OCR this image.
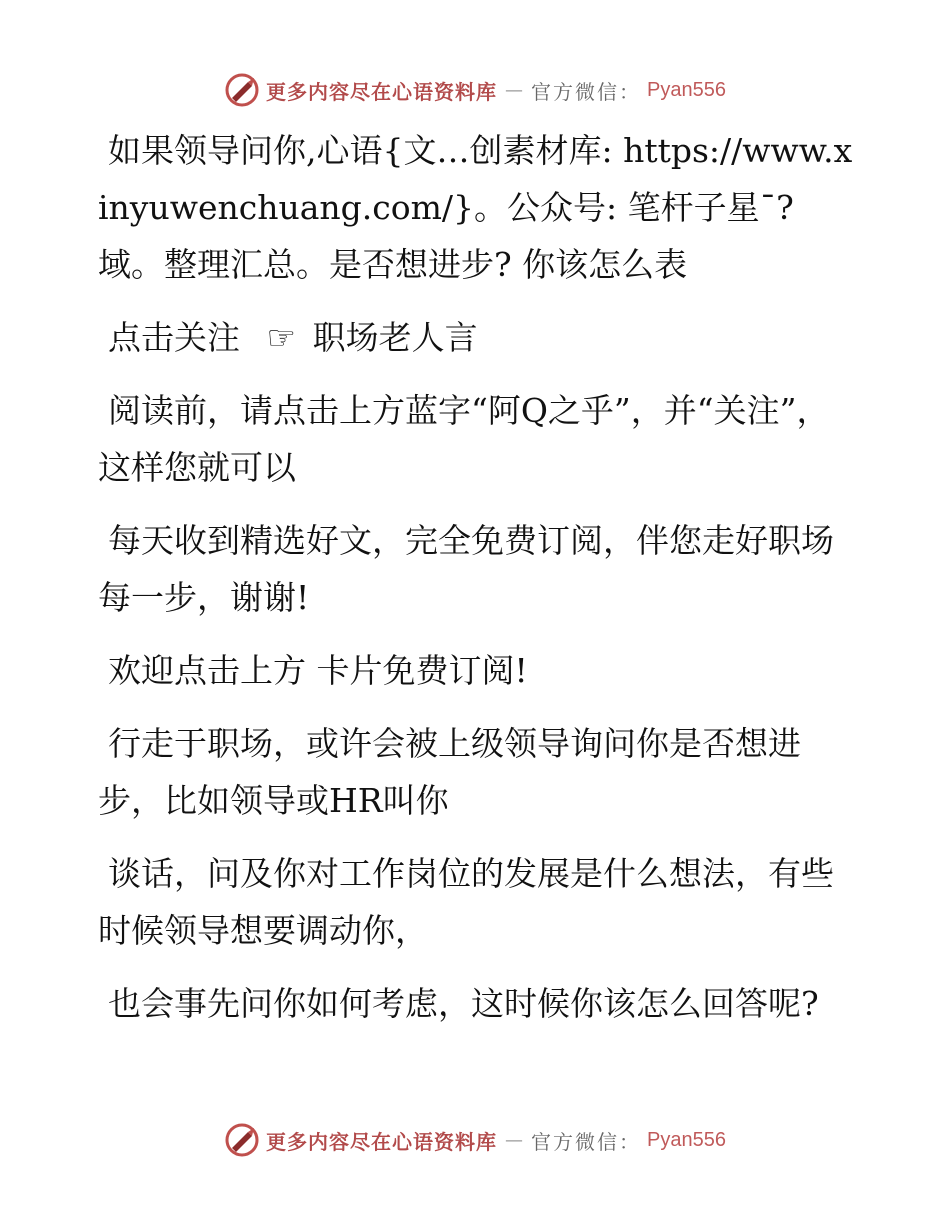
更多内容尽在心语资料库 — 官方微信： Pyan556

如果领导问你,心语{文…创素材库: https://www.xinyuwenchuang.com/}。公众号: 笔杆子星¯?域。整理汇总。是否想进步? 你该怎么表

点击关注 ☞ 职场老人言

阅读前，请点击上方蓝字“阿Q之乎”，并“关注”，这样您就可以

每天收到精选好文，完全免费订阅，伴您走好职场每一步，谢谢!

欢迎点击上方 卡片免费订阅!

行走于职场，或许会被上级领导询问你是否想进步，比如领导或HR叫你

谈话，问及你对工作岗位的发展是什么想法，有些时候领导想要调动你，

也会事先问你如何考虑，这时候你该怎么回答呢?

更多内容尽在心语资料库 — 官方微信： Pyan556
